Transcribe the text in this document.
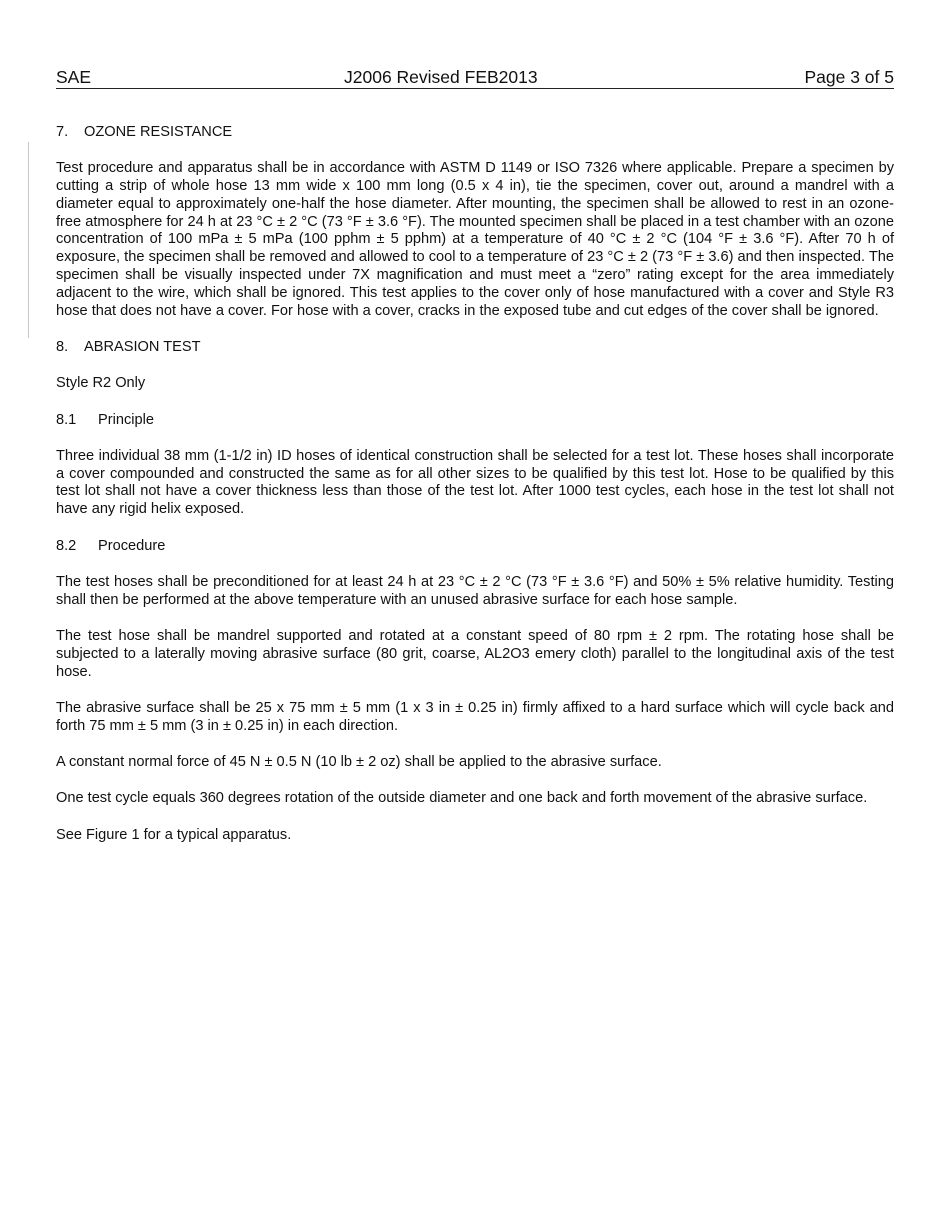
SAE	J2006 Revised FEB2013	Page 3 of 5

7. OZONE RESISTANCE

Test procedure and apparatus shall be in accordance with ASTM D 1149 or ISO 7326 where applicable. Prepare a specimen by cutting a strip of whole hose 13 mm wide x 100 mm long (0.5 x 4 in), tie the specimen, cover out, around a mandrel with a diameter equal to approximately one-half the hose diameter. After mounting, the specimen shall be allowed to rest in an ozone-free atmosphere for 24 h at 23 °C ± 2 °C (73 °F ± 3.6 °F). The mounted specimen shall be placed in a test chamber with an ozone concentration of 100 mPa ± 5 mPa (100 pphm ± 5 pphm) at a temperature of 40 °C ± 2 °C (104 °F ± 3.6 °F). After 70 h of exposure, the specimen shall be removed and allowed to cool to a temperature of 23 °C ± 2 (73 °F ± 3.6) and then inspected. The specimen shall be visually inspected under 7X magnification and must meet a “zero” rating except for the area immediately adjacent to the wire, which shall be ignored. This test applies to the cover only of hose manufactured with a cover and Style R3 hose that does not have a cover. For hose with a cover, cracks in the exposed tube and cut edges of the cover shall be ignored.

8. ABRASION TEST

Style R2 Only

8.1 Principle

Three individual 38 mm (1-1/2 in) ID hoses of identical construction shall be selected for a test lot. These hoses shall incorporate a cover compounded and constructed the same as for all other sizes to be qualified by this test lot. Hose to be qualified by this test lot shall not have a cover thickness less than those of the test lot. After 1000 test cycles, each hose in the test lot shall not have any rigid helix exposed.

8.2 Procedure

The test hoses shall be preconditioned for at least 24 h at 23 °C ± 2 °C (73 °F ± 3.6 °F) and 50% ± 5% relative humidity. Testing shall then be performed at the above temperature with an unused abrasive surface for each hose sample.

The test hose shall be mandrel supported and rotated at a constant speed of 80 rpm ± 2 rpm. The rotating hose shall be subjected to a laterally moving abrasive surface (80 grit, coarse, AL2O3 emery cloth) parallel to the longitudinal axis of the test hose.

The abrasive surface shall be 25 x 75 mm ± 5 mm (1 x 3 in ± 0.25 in) firmly affixed to a hard surface which will cycle back and forth 75 mm ± 5 mm (3 in ± 0.25 in) in each direction.

A constant normal force of 45 N ± 0.5 N (10 lb ± 2 oz) shall be applied to the abrasive surface.

One test cycle equals 360 degrees rotation of the outside diameter and one back and forth movement of the abrasive surface.

See Figure 1 for a typical apparatus.
